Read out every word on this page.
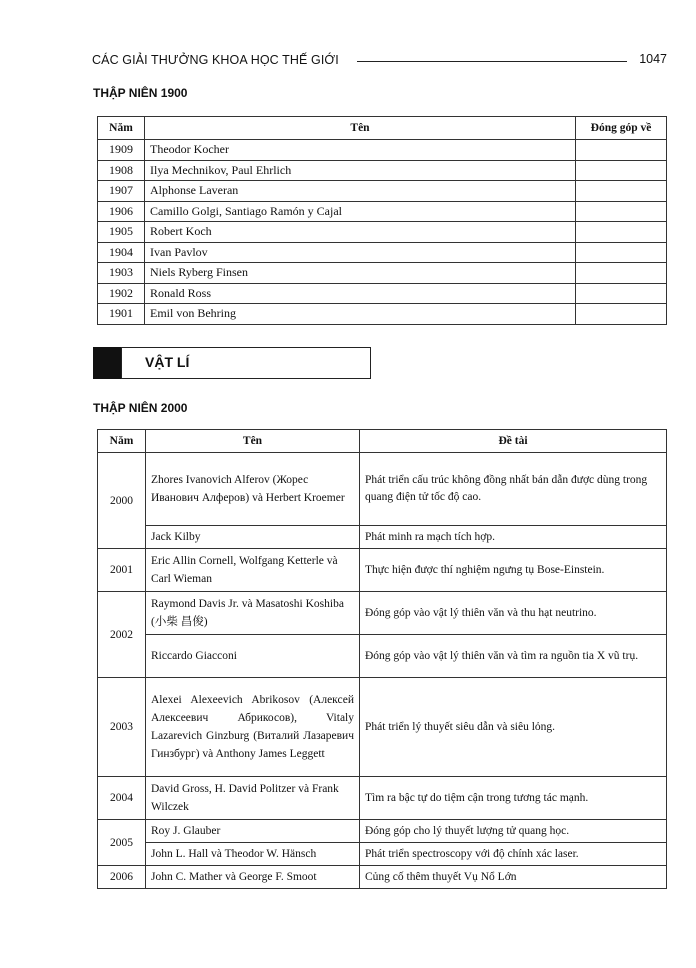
CÁC GIẢI THƯỞNG KHOA HỌC THẾ GIỚI	1047
THẬP NIÊN 1900
Năm	Tên	Đóng góp về
1909	Theodor Kocher	
1908	Ilya Mechnikov, Paul Ehrlich	
1907	Alphonse Laveran	
1906	Camillo Golgi, Santiago Ramón y Cajal	
1905	Robert Koch	
1904	Ivan Pavlov	
1903	Niels Ryberg Finsen	
1902	Ronald Ross	
1901	Emil von Behring	
VẬT LÍ
THẬP NIÊN 2000
Năm	Tên	Đề tài
2000	Zhores Ivanovich Alferov (Жорес Иванович Алферов) và Herbert Kroemer	Phát triển cấu trúc không đồng nhất bán dẫn được dùng trong quang điện tử tốc độ cao.
	Jack Kilby	Phát minh ra mạch tích hợp.
2001	Eric Allin Cornell, Wolfgang Ketterle và Carl Wieman	Thực hiện được thí nghiệm ngưng tụ Bose-Einstein.
2002	Raymond Davis Jr. và Masatoshi Koshiba (小柴 昌俊)	Đóng góp vào vật lý thiên văn và thu hạt neutrino.
	Riccardo Giacconi	Đóng góp vào vật lý thiên văn và tìm ra nguồn tia X vũ trụ.
2003	Alexei Alexeevich Abrikosov (Алексей Алексеевич Абрикосов), Vitaly Lazarevich Ginzburg (Виталий Лазаревич Гинзбург) và Anthony James Leggett	Phát triển lý thuyết siêu dẫn và siêu lỏng.
2004	David Gross, H. David Politzer và Frank Wilczek	Tìm ra bậc tự do tiệm cận trong tương tác mạnh.
2005	Roy J. Glauber	Đóng góp cho lý thuyết lượng tử quang học.
	John L. Hall và Theodor W. Hänsch	Phát triển spectroscopy với độ chính xác laser.
2006	John C. Mather và George F. Smoot	Củng cố thêm thuyết Vụ Nổ Lớn
